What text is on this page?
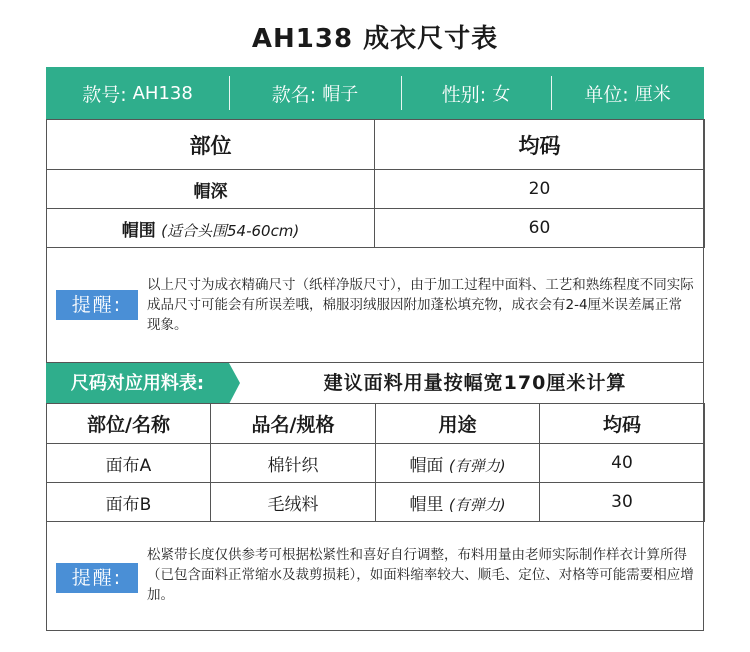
AH138 成衣尺寸表
款号: AH138	款名: 帽子	性别: 女	单位: 厘米
部位	均码
帽深	20
帽围 (适合头围54-60cm)	60
提醒:
以上尺寸为成衣精确尺寸（纸样净版尺寸），由于加工过程中面料、工艺和熟练程度不同实际成品尺寸可能会有所误差哦，棉服羽绒服因附加蓬松填充物，成衣会有2-4厘米误差属正常现象。
尺码对应用料表:	建议面料用量按幅宽170厘米计算
部位/名称	品名/规格	用途	均码
面布A	棉针织	帽面 (有弹力)	40
面布B	毛绒料	帽里 (有弹力)	30
提醒:
松紧带长度仅供参考可根据松紧性和喜好自行调整，布料用量由老师实际制作样衣计算所得（已包含面料正常缩水及裁剪损耗），如面料缩率较大、顺毛、定位、对格等可能需要相应增加。
